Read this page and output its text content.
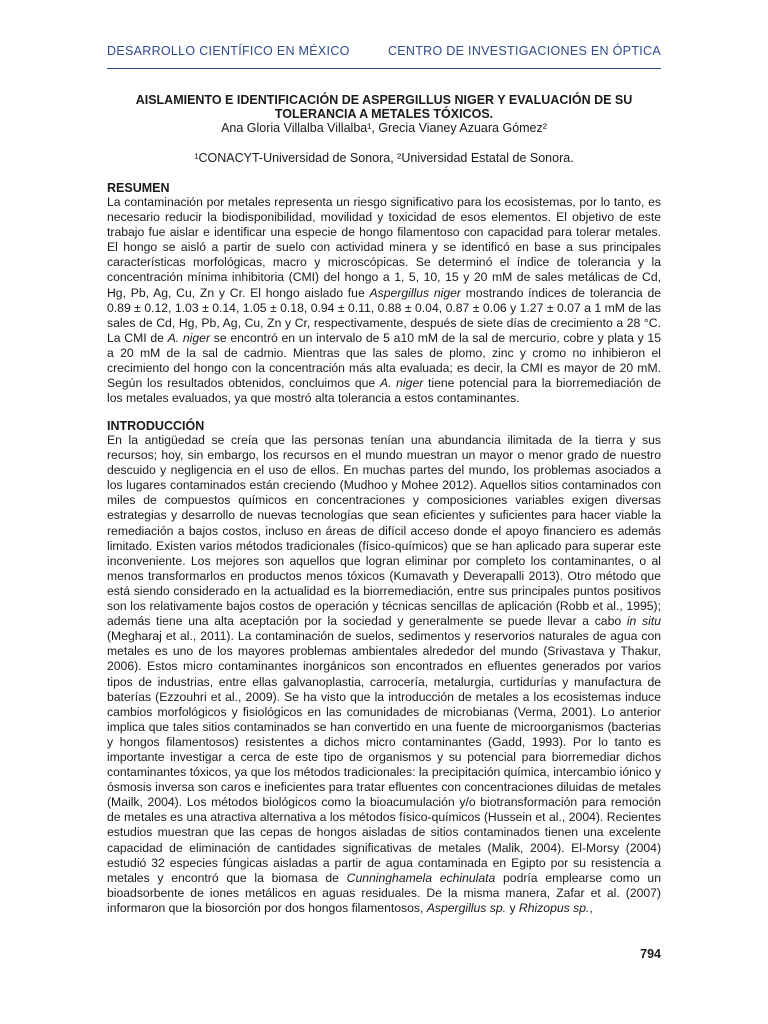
DESARROLLO CIENTÍFICO EN MÉXICO	CENTRO DE INVESTIGACIONES EN ÓPTICA

AISLAMIENTO E IDENTIFICACIÓN DE ASPERGILLUS NIGER Y EVALUACIÓN DE SU TOLERANCIA A METALES TÓXICOS.

Ana Gloria Villalba Villalba¹, Grecia Vianey Azuara Gómez²

¹CONACYT-Universidad de Sonora, ²Universidad Estatal de Sonora.

RESUMEN

La contaminación por metales representa un riesgo significativo para los ecosistemas, por lo tanto, es necesario reducir la biodisponibilidad, movilidad y toxicidad de esos elementos. El objetivo de este trabajo fue aislar e identificar una especie de hongo filamentoso con capacidad para tolerar metales. El hongo se aisló a partir de suelo con actividad minera y se identificó en base a sus principales características morfológicas, macro y microscópicas. Se determinó el índice de tolerancia y la concentración mínima inhibitoria (CMI) del hongo a 1, 5, 10, 15 y 20 mM de sales metálicas de Cd, Hg, Pb, Ag, Cu, Zn y Cr. El hongo aislado fue Aspergillus niger mostrando índices de tolerancia de 0.89 ± 0.12, 1.03 ± 0.14, 1.05 ± 0.18, 0.94 ± 0.11, 0.88 ± 0.04, 0.87 ± 0.06 y 1.27 ± 0.07 a 1 mM de las sales de Cd, Hg, Pb, Ag, Cu, Zn y Cr, respectivamente, después de siete días de crecimiento a 28 °C. La CMI de A. niger se encontró en un intervalo de 5 a10 mM de la sal de mercurio, cobre y plata y 15 a 20 mM de la sal de cadmio. Mientras que las sales de plomo, zinc y cromo no inhibieron el crecimiento del hongo con la concentración más alta evaluada; es decir, la CMI es mayor de 20 mM. Según los resultados obtenidos, concluimos que A. niger tiene potencial para la biorremediación de los metales evaluados, ya que mostró alta tolerancia a estos contaminantes.

INTRODUCCIÓN

En la antigüedad se creía que las personas tenían una abundancia ilimitada de la tierra y sus recursos; hoy, sin embargo, los recursos en el mundo muestran un mayor o menor grado de nuestro descuido y negligencia en el uso de ellos. En muchas partes del mundo, los problemas asociados a los lugares contaminados están creciendo (Mudhoo y Mohee 2012). Aquellos sitios contaminados con miles de compuestos químicos en concentraciones y composiciones variables exigen diversas estrategias y desarrollo de nuevas tecnologías que sean eficientes y suficientes para hacer viable la remediación a bajos costos, incluso en áreas de difícil acceso donde el apoyo financiero es además limitado. Existen varios métodos tradicionales (físico-químicos) que se han aplicado para superar este inconveniente. Los mejores son aquellos que logran eliminar por completo los contaminantes, o al menos transformarlos en productos menos tóxicos (Kumavath y Deverapalli 2013). Otro método que está siendo considerado en la actualidad es la biorremediación, entre sus principales puntos positivos son los relativamente bajos costos de operación y técnicas sencillas de aplicación (Robb et al., 1995); además tiene una alta aceptación por la sociedad y generalmente se puede llevar a cabo in situ (Megharaj et al., 2011). La contaminación de suelos, sedimentos y reservorios naturales de agua con metales es uno de los mayores problemas ambientales alrededor del mundo (Srivastava y Thakur, 2006). Estos micro contaminantes inorgánicos son encontrados en efluentes generados por varios tipos de industrias, entre ellas galvanoplastia, carrocería, metalurgia, curtidurías y manufactura de baterías (Ezzouhri et al., 2009). Se ha visto que la introducción de metales a los ecosistemas induce cambios morfológicos y fisiológicos en las comunidades de microbianas (Verma, 2001). Lo anterior implica que tales sitios contaminados se han convertido en una fuente de microorganismos (bacterias y hongos filamentosos) resistentes a dichos micro contaminantes (Gadd, 1993). Por lo tanto es importante investigar a cerca de este tipo de organismos y su potencial para biorremediar dichos contaminantes tóxicos, ya que los métodos tradicionales: la precipitación química, intercambio iónico y ósmosis inversa son caros e ineficientes para tratar efluentes con concentraciones diluidas de metales (Mailk, 2004). Los métodos biológicos como la bioacumulación y/o biotransformación para remoción de metales es una atractiva alternativa a los métodos físico-químicos (Hussein et al., 2004). Recientes estudios muestran que las cepas de hongos aisladas de sitios contaminados tienen una excelente capacidad de eliminación de cantidades significativas de metales (Malik, 2004). El-Morsy (2004) estudió 32 especies fúngicas aisladas a partir de agua contaminada en Egipto por su resistencia a metales y encontró que la biomasa de Cunninghamela echinulata podría emplearse como un bioadsorbente de iones metálicos en aguas residuales. De la misma manera, Zafar et al. (2007) informaron que la biosorción por dos hongos filamentosos, Aspergillus sp. y Rhizopus sp.,

794
